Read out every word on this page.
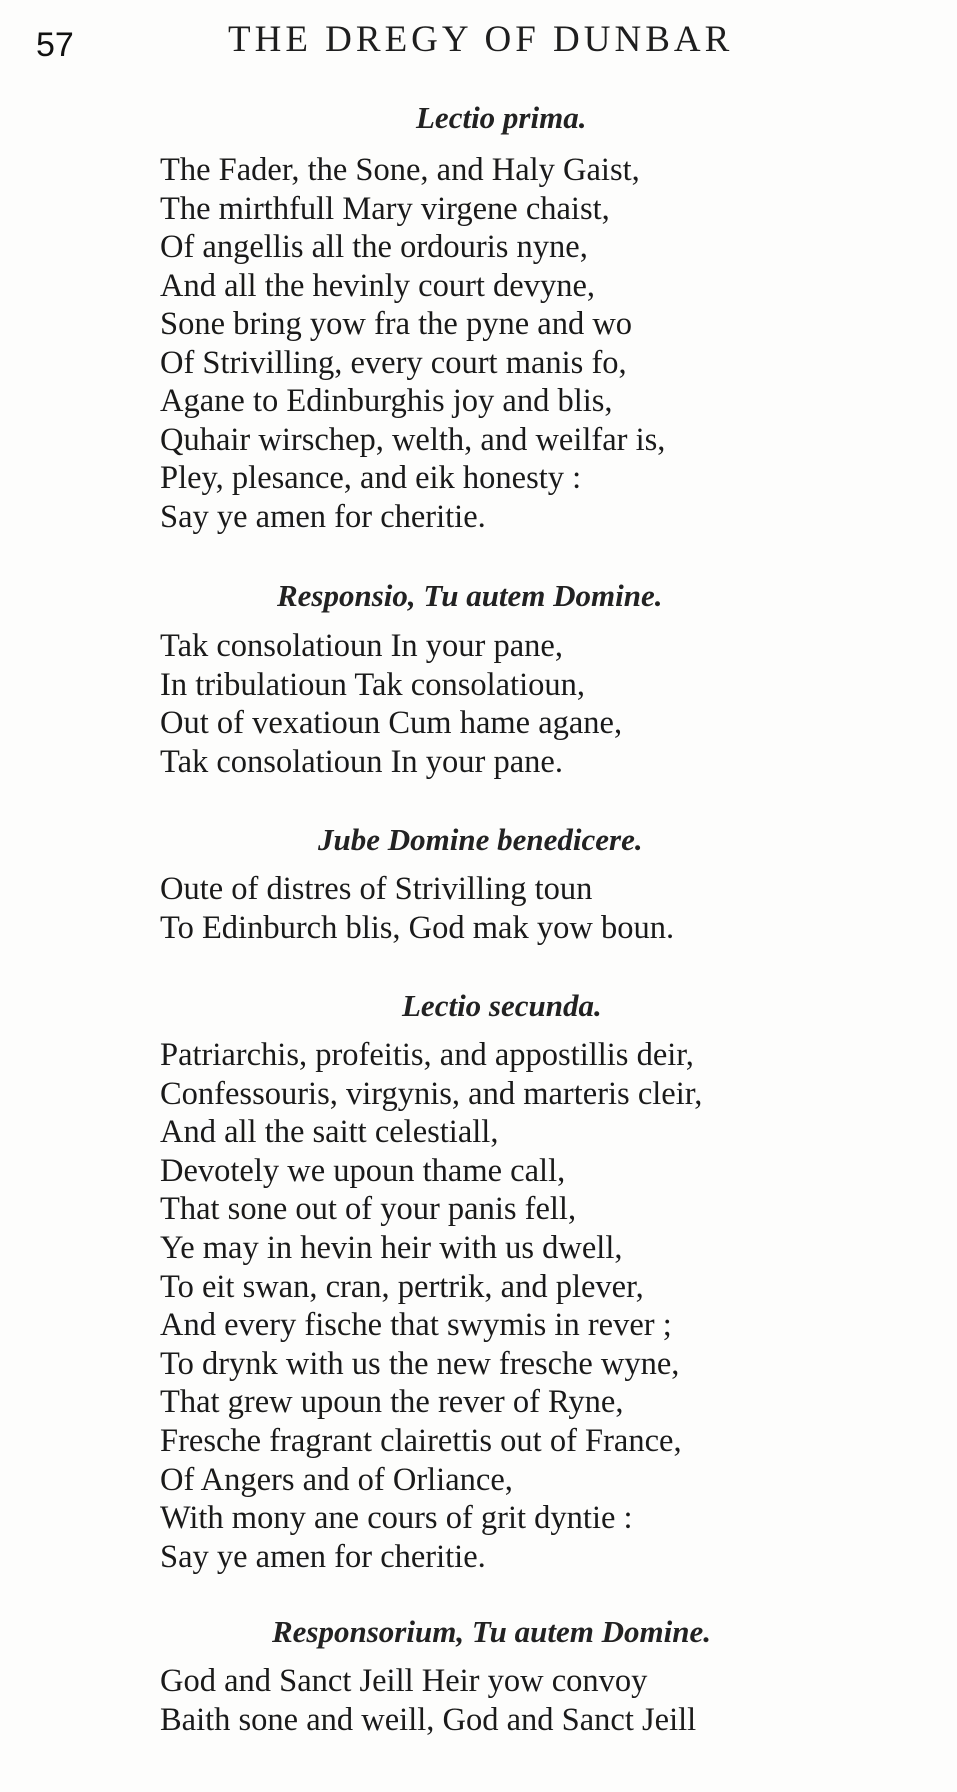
57	THE DREGY OF DUNBAR
Lectio prima.
The Fader, the Sone, and Haly Gaist,
The mirthfull Mary virgene chaist,
Of angellis all the ordouris nyne,
And all the hevinly court devyne,
Sone bring yow fra the pyne and wo
Of Strivilling, every court manis fo,
Agane to Edinburghis joy and blis,
Quhair wirschep, welth, and weilfar is,
Pley, plesance, and eik honesty :
Say ye amen for cheritie.
Responsio, Tu autem Domine.
Tak consolatioun In your pane,
In tribulatioun Tak consolatioun,
Out of vexatioun Cum hame agane,
Tak consolatioun In your pane.
Jube Domine benedicere.
Oute of distres of Strivilling toun
To Edinburch blis, God mak yow boun.
Lectio secunda.
Patriarchis, profeitis, and appostillis deir,
Confessouris, virgynis, and marteris cleir,
And all the saitt celestiall,
Devotely we upoun thame call,
That sone out of your panis fell,
Ye may in hevin heir with us dwell,
To eit swan, cran, pertrik, and plever,
And every fische that swymis in rever ;
To drynk with us the new fresche wyne,
That grew upoun the rever of Ryne,
Fresche fragrant clairettis out of France,
Of Angers and of Orliance,
With mony ane cours of grit dyntie :
Say ye amen for cheritie.
Responsorium, Tu autem Domine.
God and Sanct Jeill Heir yow convoy
Baith sone and weill, God and Sanct Jeill
